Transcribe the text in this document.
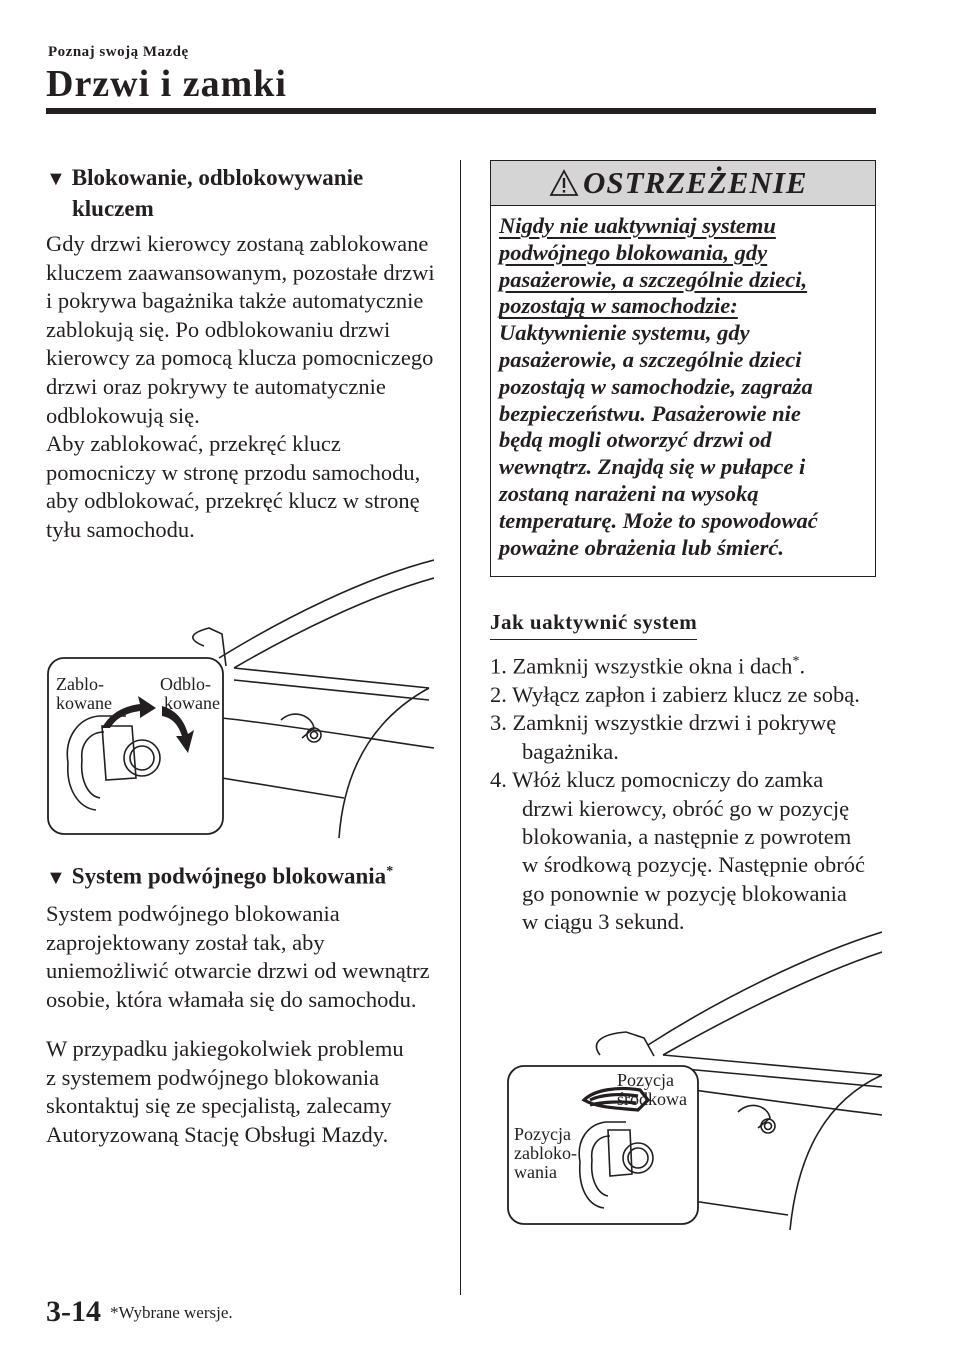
Poznaj swoją Mazdę
Drzwi i zamki
▼ Blokowanie, odblokowywanie
kluczem
Gdy drzwi kierowcy zostaną zablokowane
kluczem zaawansowanym, pozostałe drzwi
i pokrywa bagażnika także automatycznie
zablokują się. Po odblokowaniu drzwi
kierowcy za pomocą klucza pomocniczego
drzwi oraz pokrywy te automatycznie
odblokowują się.
Aby zablokować, przekręć klucz
pomocniczy w stronę przodu samochodu,
aby odblokować, przekręć klucz w stronę
tyłu samochodu.
Zablo-
kowane
Odblo-
kowane
▼ System podwójnego blokowania*
System podwójnego blokowania
zaprojektowany został tak, aby
uniemożliwić otwarcie drzwi od wewnątrz
osobie, która włamała się do samochodu.
W przypadku jakiegokolwiek problemu
z systemem podwójnego blokowania
skontaktuj się ze specjalistą, zalecamy
Autoryzowaną Stację Obsługi Mazdy.
OSTRZEŻENIE
Nigdy nie uaktywniaj systemu
podwójnego blokowania, gdy
pasażerowie, a szczególnie dzieci,
pozostają w samochodzie:
Uaktywnienie systemu, gdy
pasażerowie, a szczególnie dzieci
pozostają w samochodzie, zagraża
bezpieczeństwu. Pasażerowie nie
będą mogli otworzyć drzwi od
wewnątrz. Znajdą się w pułapce i
zostaną narażeni na wysoką
temperaturę. Może to spowodować
poważne obrażenia lub śmierć.
Jak uaktywnić system
1. Zamknij wszystkie okna i dach*.
2. Wyłącz zapłon i zabierz klucz ze sobą.
3. Zamknij wszystkie drzwi i pokrywę
bagażnika.
4. Włóż klucz pomocniczy do zamka
drzwi kierowcy, obróć go w pozycję
blokowania, a następnie z powrotem
w środkową pozycję. Następnie obróć
go ponownie w pozycję blokowania
w ciągu 3 sekund.
Pozycja
środkowa
Pozycja
zabloko-
wania
3-14 *Wybrane wersje.
